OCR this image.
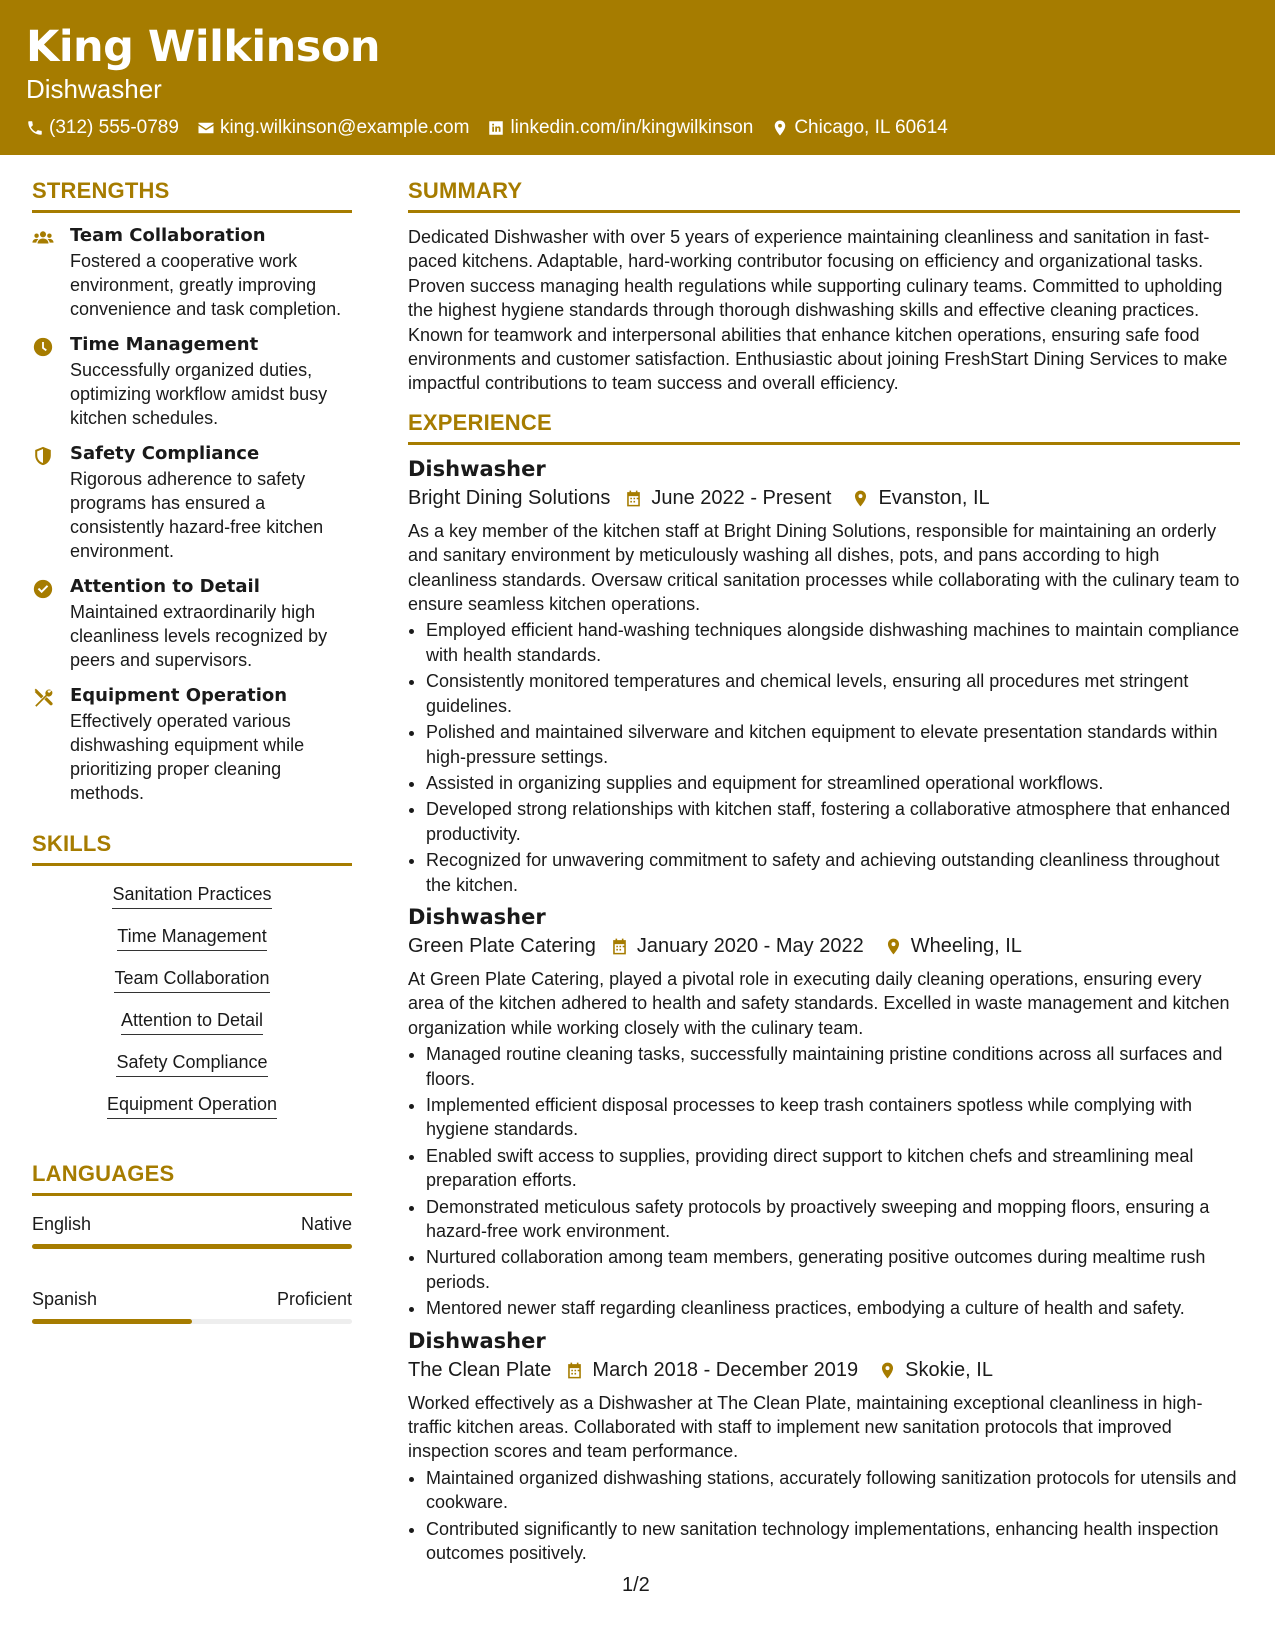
King Wilkinson
Dishwasher
(312) 555-0789 king.wilkinson@example.com linkedin.com/in/kingwilkinson Chicago, IL 60614
STRENGTHS
Team Collaboration
Fostered a cooperative work environment, greatly improving convenience and task completion.
Time Management
Successfully organized duties, optimizing workflow amidst busy kitchen schedules.
Safety Compliance
Rigorous adherence to safety programs has ensured a consistently hazard-free kitchen environment.
Attention to Detail
Maintained extraordinarily high cleanliness levels recognized by peers and supervisors.
Equipment Operation
Effectively operated various dishwashing equipment while prioritizing proper cleaning methods.
SKILLS
Sanitation Practices
Time Management
Team Collaboration
Attention to Detail
Safety Compliance
Equipment Operation
LANGUAGES
English	Native
Spanish	Proficient
SUMMARY

Dedicated Dishwasher with over 5 years of experience maintaining cleanliness and sanitation in fast-paced kitchens. Adaptable, hard-working contributor focusing on efficiency and organizational tasks. Proven success managing health regulations while supporting culinary teams. Committed to upholding the highest hygiene standards through thorough dishwashing skills and effective cleaning practices. Known for teamwork and interpersonal abilities that enhance kitchen operations, ensuring safe food environments and customer satisfaction. Enthusiastic about joining FreshStart Dining Services to make impactful contributions to team success and overall efficiency.

EXPERIENCE
Dishwasher
Bright Dining Solutions June 2022 - Present Evanston, IL

As a key member of the kitchen staff at Bright Dining Solutions, responsible for maintaining an orderly and sanitary environment by meticulously washing all dishes, pots, and pans according to high cleanliness standards. Oversaw critical sanitation processes while collaborating with the culinary team to ensure seamless kitchen operations.

• Employed efficient hand-washing techniques alongside dishwashing machines to maintain compliance with health standards.
• Consistently monitored temperatures and chemical levels, ensuring all procedures met stringent guidelines.
• Polished and maintained silverware and kitchen equipment to elevate presentation standards within high-pressure settings.
• Assisted in organizing supplies and equipment for streamlined operational workflows.
• Developed strong relationships with kitchen staff, fostering a collaborative atmosphere that enhanced productivity.
• Recognized for unwavering commitment to safety and achieving outstanding cleanliness throughout the kitchen.
Dishwasher
Green Plate Catering January 2020 - May 2022 Wheeling, IL

At Green Plate Catering, played a pivotal role in executing daily cleaning operations, ensuring every area of the kitchen adhered to health and safety standards. Excelled in waste management and kitchen organization while working closely with the culinary team.

• Managed routine cleaning tasks, successfully maintaining pristine conditions across all surfaces and floors.
• Implemented efficient disposal processes to keep trash containers spotless while complying with hygiene standards.
• Enabled swift access to supplies, providing direct support to kitchen chefs and streamlining meal preparation efforts.
• Demonstrated meticulous safety protocols by proactively sweeping and mopping floors, ensuring a hazard-free work environment.
• Nurtured collaboration among team members, generating positive outcomes during mealtime rush periods.
• Mentored newer staff regarding cleanliness practices, embodying a culture of health and safety.
Dishwasher
The Clean Plate March 2018 - December 2019 Skokie, IL

Worked effectively as a Dishwasher at The Clean Plate, maintaining exceptional cleanliness in high-traffic kitchen areas. Collaborated with staff to implement new sanitation protocols that improved inspection scores and team performance.

• Maintained organized dishwashing stations, accurately following sanitization protocols for utensils and cookware.
• Contributed significantly to new sanitation technology implementations, enhancing health inspection outcomes positively.
1/2
